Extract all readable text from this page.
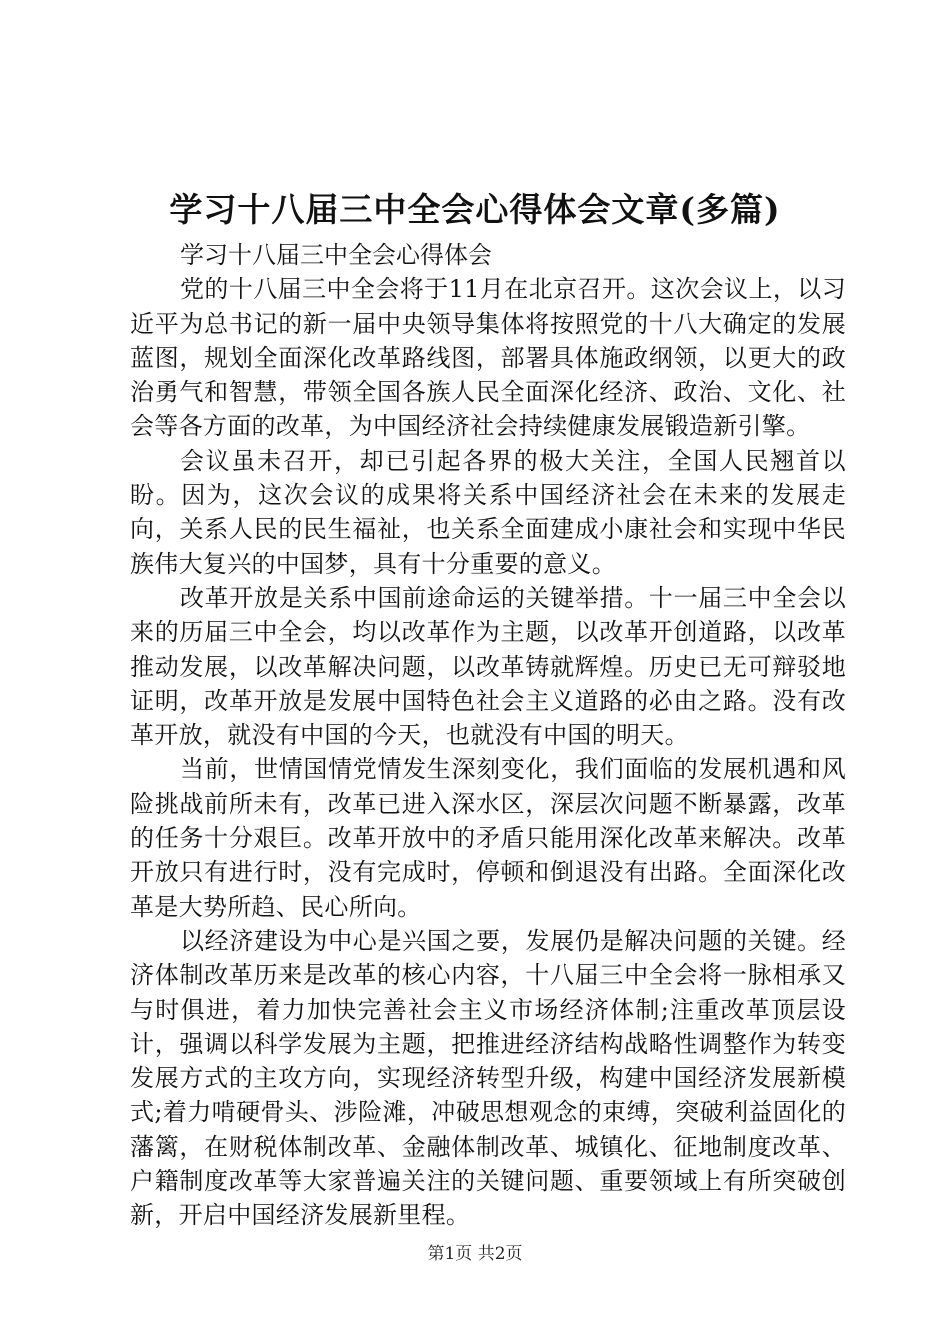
学习十八届三中全会心得体会文章(多篇)

学习十八届三中全会心得体会

党的十八届三中全会将于11月在北京召开。这次会议上，以习近平为总书记的新一届中央领导集体将按照党的十八大确定的发展蓝图，规划全面深化改革路线图，部署具体施政纲领，以更大的政治勇气和智慧，带领全国各族人民全面深化经济、政治、文化、社会等各方面的改革，为中国经济社会持续健康发展锻造新引擎。

会议虽未召开，却已引起各界的极大关注，全国人民翘首以盼。因为，这次会议的成果将关系中国经济社会在未来的发展走向，关系人民的民生福祉，也关系全面建成小康社会和实现中华民族伟大复兴的中国梦，具有十分重要的意义。

改革开放是关系中国前途命运的关键举措。十一届三中全会以来的历届三中全会，均以改革作为主题，以改革开创道路，以改革推动发展，以改革解决问题，以改革铸就辉煌。历史已无可辩驳地证明，改革开放是发展中国特色社会主义道路的必由之路。没有改革开放，就没有中国的今天，也就没有中国的明天。

当前，世情国情党情发生深刻变化，我们面临的发展机遇和风险挑战前所未有，改革已进入深水区，深层次问题不断暴露，改革的任务十分艰巨。改革开放中的矛盾只能用深化改革来解决。改革开放只有进行时，没有完成时，停顿和倒退没有出路。全面深化改革是大势所趋、民心所向。

以经济建设为中心是兴国之要，发展仍是解决问题的关键。经济体制改革历来是改革的核心内容，十八届三中全会将一脉相承又与时俱进，着力加快完善社会主义市场经济体制;注重改革顶层设计，强调以科学发展为主题，把推进经济结构战略性调整作为转变发展方式的主攻方向，实现经济转型升级，构建中国经济发展新模式;着力啃硬骨头、涉险滩，冲破思想观念的束缚，突破利益固化的藩篱，在财税体制改革、金融体制改革、城镇化、征地制度改革、户籍制度改革等大家普遍关注的关键问题、重要领域上有所突破创新，开启中国经济发展新里程。

第1页 共2页
